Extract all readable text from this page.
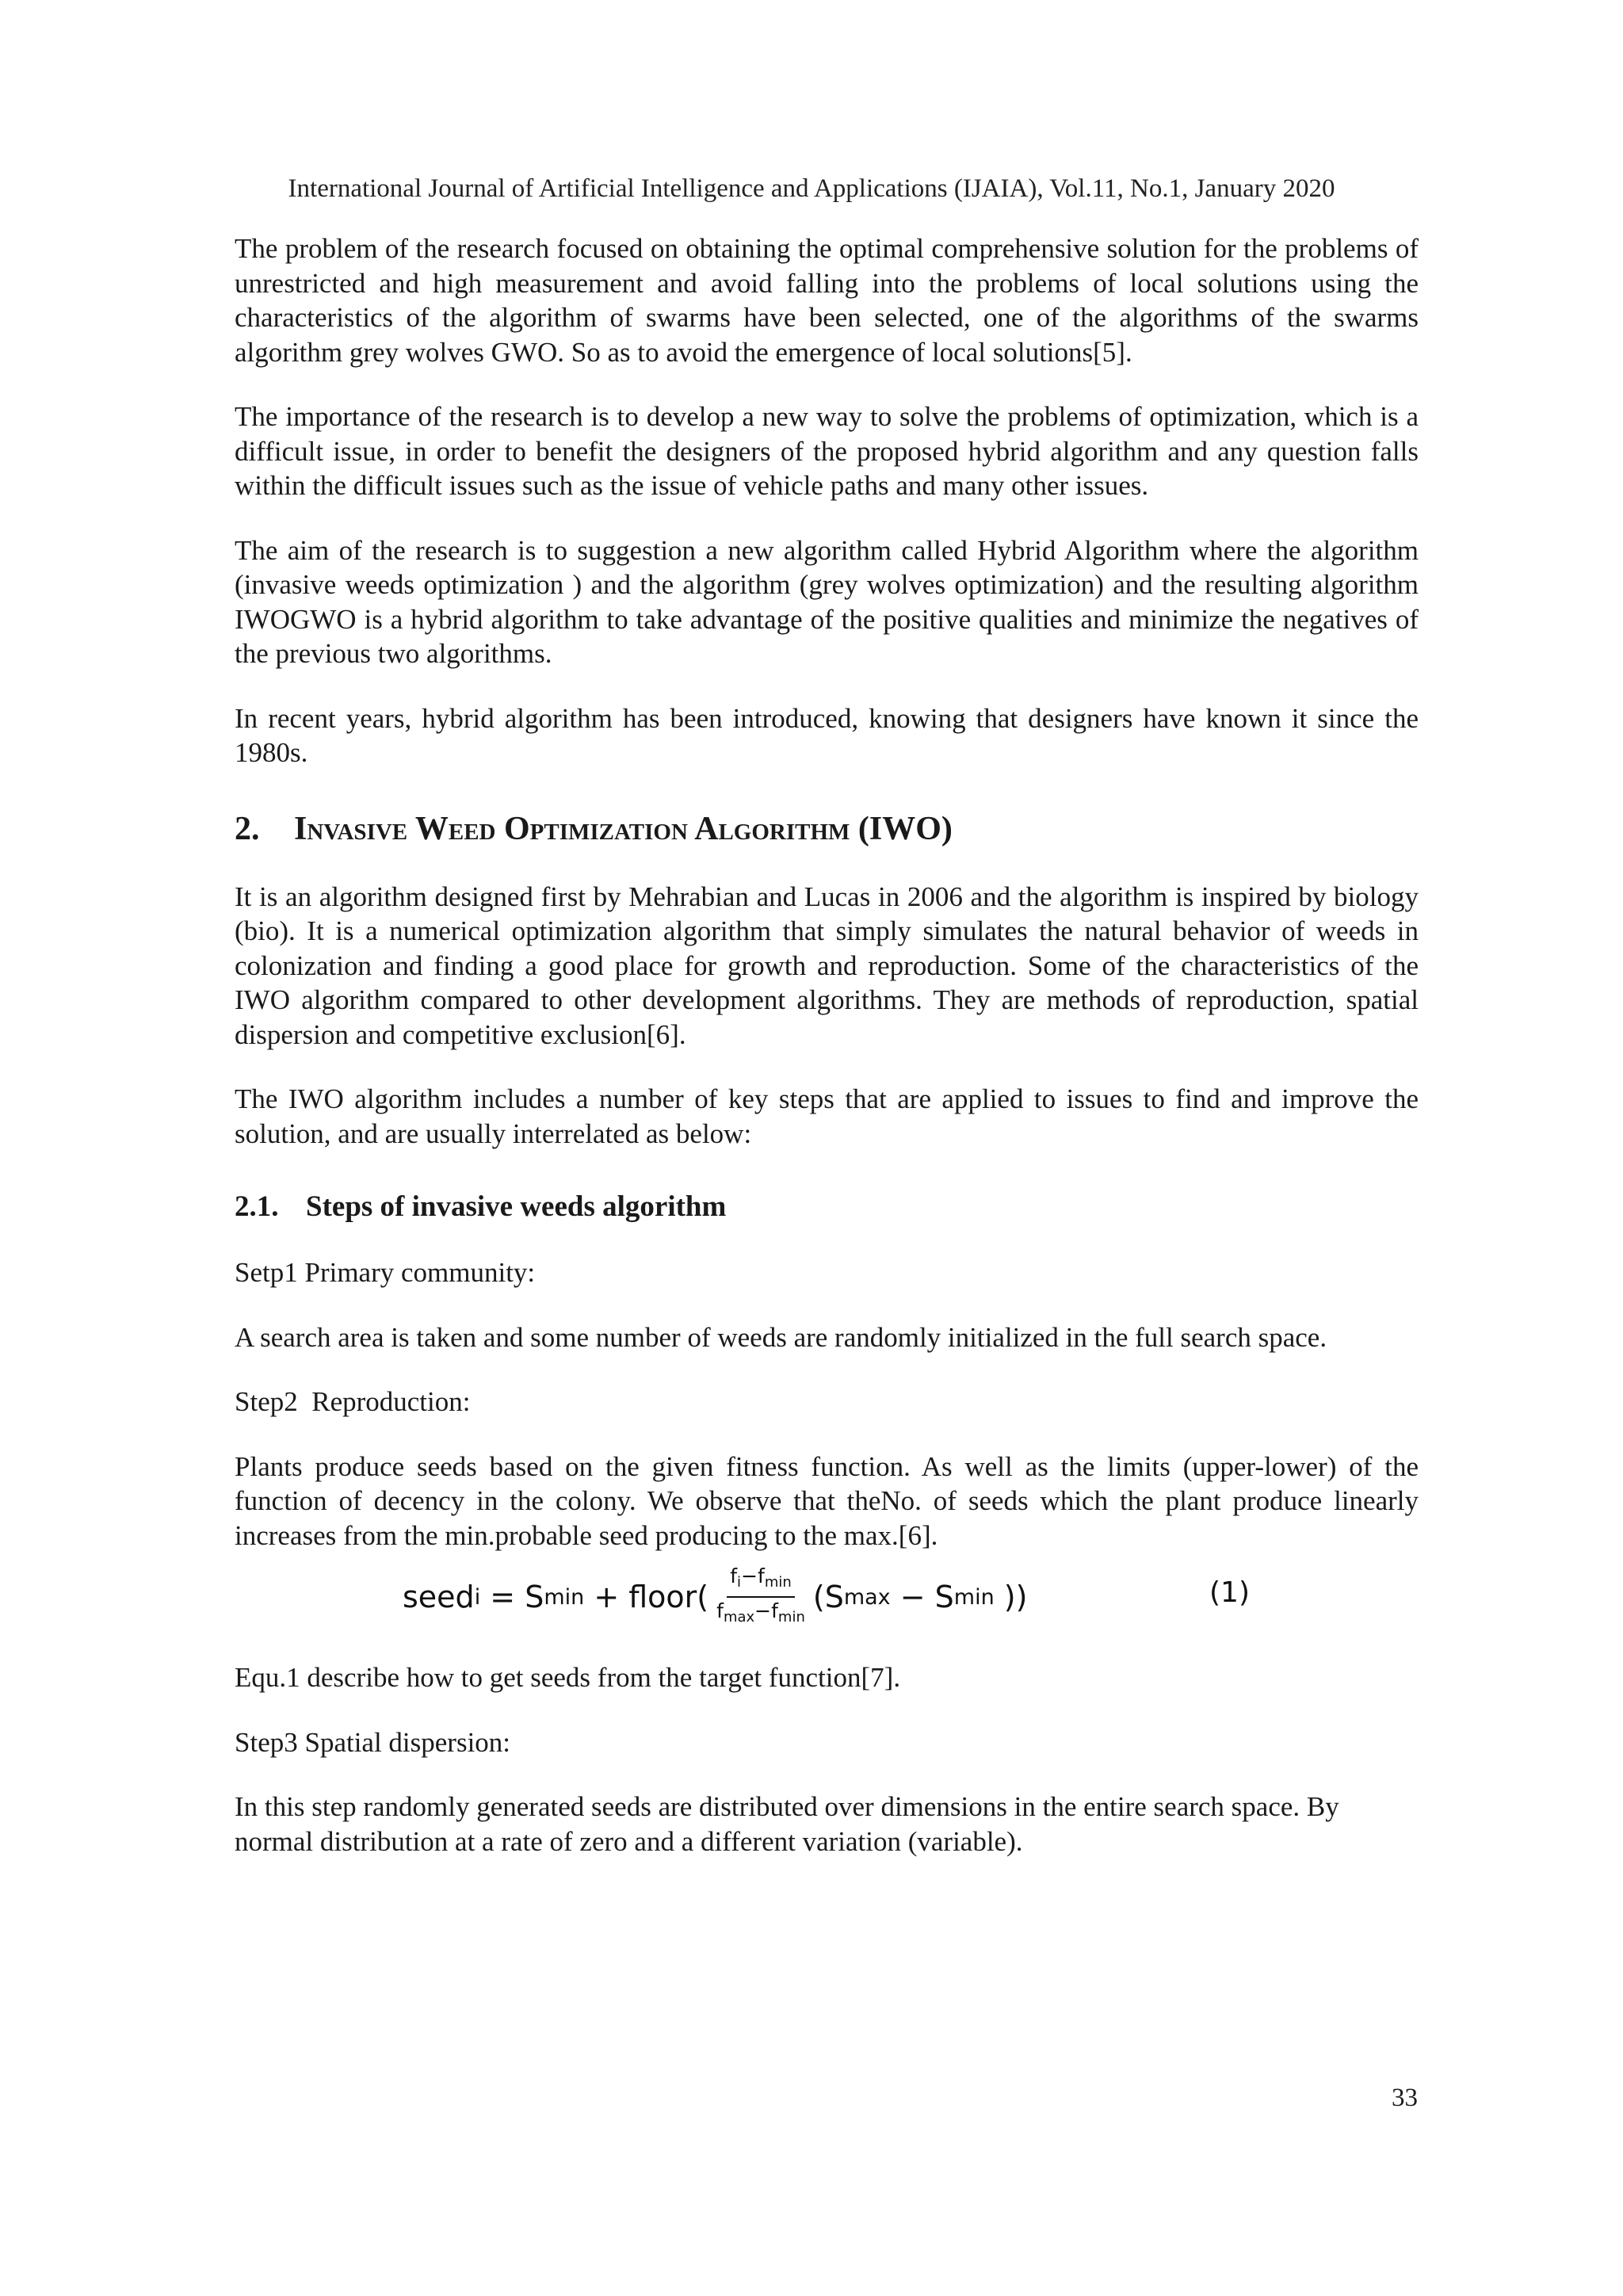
International Journal of Artificial Intelligence and Applications (IJAIA), Vol.11, No.1, January 2020

The problem of the research focused on obtaining the optimal comprehensive solution for the problems of unrestricted and high measurement and avoid falling into the problems of local solutions using the characteristics of the algorithm of swarms have been selected, one of the algorithms of the swarms algorithm grey wolves GWO. So as to avoid the emergence of local solutions[5].

The importance of the research is to develop a new way to solve the problems of optimization, which is a difficult issue, in order to benefit the designers of the proposed hybrid algorithm and any question falls within the difficult issues such as the issue of vehicle paths and many other issues.

The aim of the research is to suggestion a new algorithm called Hybrid Algorithm where the algorithm (invasive weeds optimization ) and the algorithm (grey wolves optimization) and the resulting algorithm IWOGWO is a hybrid algorithm to take advantage of the positive qualities and minimize the negatives of the previous two algorithms.

In recent years, hybrid algorithm has been introduced, knowing that designers have known it since the 1980s.

2. Invasive Weed Optimization Algorithm (IWO)

It is an algorithm designed first by Mehrabian and Lucas in 2006 and the algorithm is inspired by biology (bio). It is a numerical optimization algorithm that simply simulates the natural behavior of weeds in colonization and finding a good place for growth and reproduction. Some of the characteristics of the IWO algorithm compared to other development algorithms. They are methods of reproduction, spatial dispersion and competitive exclusion[6].

The IWO algorithm includes a number of key steps that are applied to issues to find and improve the solution, and are usually interrelated as below:

2.1. Steps of invasive weeds algorithm

Setp1 Primary community:

A search area is taken and some number of weeds are randomly initialized in the full search space.

Step2  Reproduction:

Plants produce seeds based on the given fitness function. As well as the limits (upper-lower) of the function of decency in the colony. We observe that theNo. of seeds which the plant produce linearly increases from the min.probable seed producing to the max.[6].

seed i = S min + floor( $\frac{f_i-f_{min}}{f_{max}-f_{min}} (S$ max − S min ))	(1)

Equ.1 describe how to get seeds from the target function[7].

Step3 Spatial dispersion:

In this step randomly generated seeds are distributed over dimensions in the entire search space. By normal distribution at a rate of zero and a different variation (variable).

33
